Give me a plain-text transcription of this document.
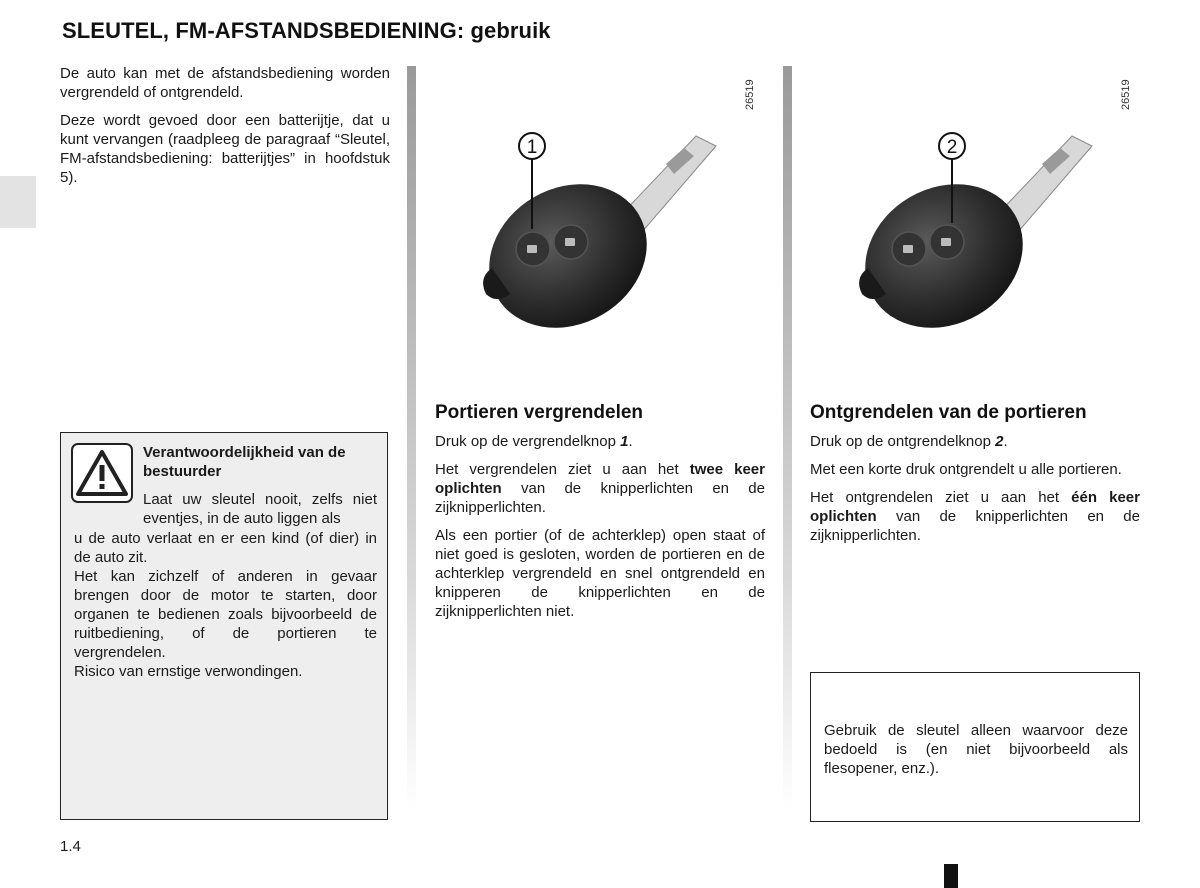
SLEUTEL, FM-AFSTANDSBEDIENING: gebruik

De auto kan met de afstandsbediening worden vergrendeld of ontgrendeld.

Deze wordt gevoed door een batterijtje, dat u kunt vervangen (raadpleeg de paragraaf “Sleutel, FM-afstandsbediening: batterijtjes” in hoofdstuk 5).

Verantwoordelijkheid van de bestuurder
Laat uw sleutel nooit, zelfs niet eventjes, in de auto liggen als

u de auto verlaat en er een kind (of dier) in de auto zit.

Het kan zichzelf of anderen in gevaar brengen door de motor te starten, door organen te bedienen zoals bijvoorbeeld de ruitbediening, of de portieren te vergrendelen.

Risico van ernstige verwondingen.

26519
1
26519
2
Portieren vergrendelen

Druk op de vergrendelknop 1.

Het vergrendelen ziet u aan het twee keer oplichten van de knipperlichten en de zijknipperlichten.

Als een portier (of de achterklep) open staat of niet goed is gesloten, worden de portieren en de achterklep vergrendeld en snel ontgrendeld en knipperen de knipperlichten en de zijknipperlichten niet.

Ontgrendelen van de portieren

Druk op de ontgrendelknop 2.

Met een korte druk ontgrendelt u alle portieren.

Het ontgrendelen ziet u aan het één keer oplichten van de knipperlichten en de zijknipperlichten.

Gebruik de sleutel alleen waarvoor deze bedoeld is (en niet bijvoorbeeld als flesopener, enz.).
1.4
